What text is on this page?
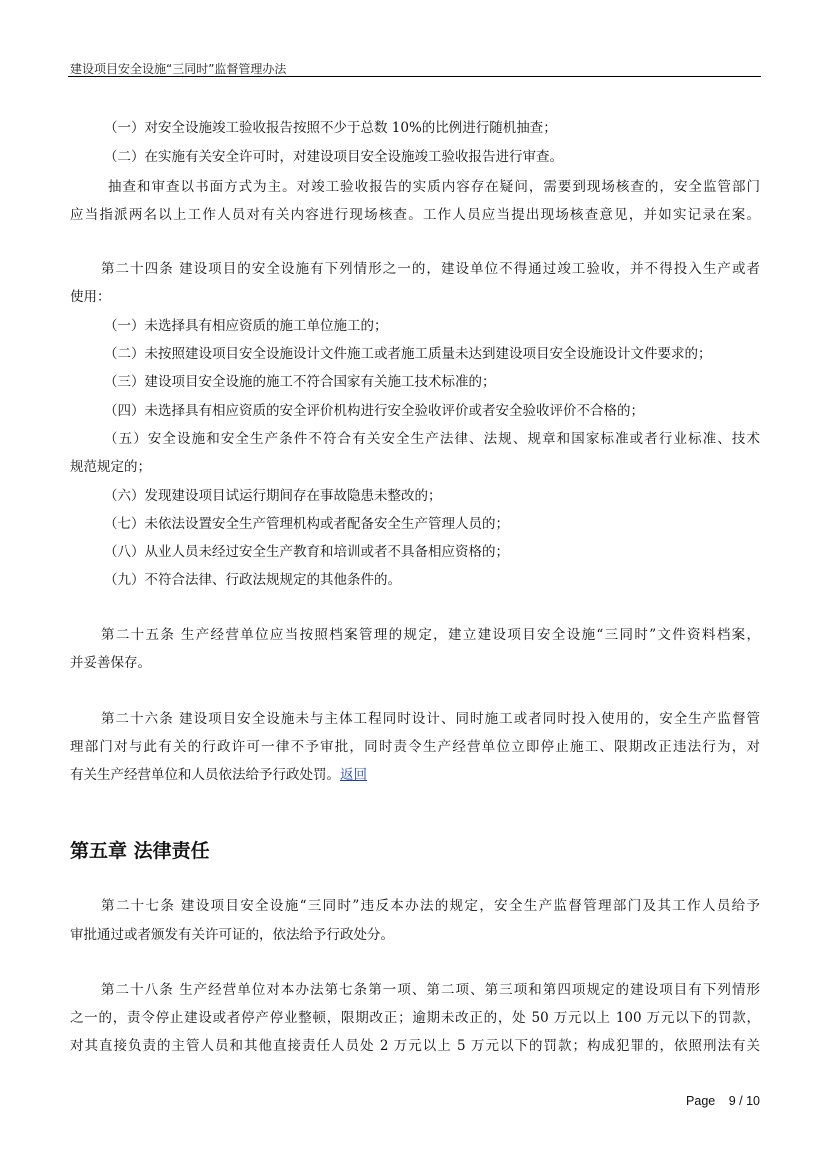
建设项目安全设施“三同时”监督管理办法
（一）对安全设施竣工验收报告按照不少于总数 10%的比例进行随机抽查；
（二）在实施有关安全许可时，对建设项目安全设施竣工验收报告进行审查。
抽查和审查以书面方式为主。对竣工验收报告的实质内容存在疑问，需要到现场核查的，安全监管部门
应当指派两名以上工作人员对有关内容进行现场核查。工作人员应当提出现场核查意见，并如实记录在案。
第二十四条 建设项目的安全设施有下列情形之一的，建设单位不得通过竣工验收，并不得投入生产或者
使用：
（一）未选择具有相应资质的施工单位施工的；
（二）未按照建设项目安全设施设计文件施工或者施工质量未达到建设项目安全设施设计文件要求的；
（三）建设项目安全设施的施工不符合国家有关施工技术标准的；
（四）未选择具有相应资质的安全评价机构进行安全验收评价或者安全验收评价不合格的；
（五）安全设施和安全生产条件不符合有关安全生产法律、法规、规章和国家标准或者行业标准、技术
规范规定的；
（六）发现建设项目试运行期间存在事故隐患未整改的；
（七）未依法设置安全生产管理机构或者配备安全生产管理人员的；
（八）从业人员未经过安全生产教育和培训或者不具备相应资格的；
（九）不符合法律、行政法规规定的其他条件的。
第二十五条 生产经营单位应当按照档案管理的规定，建立建设项目安全设施“三同时”文件资料档案，
并妥善保存。
第二十六条 建设项目安全设施未与主体工程同时设计、同时施工或者同时投入使用的，安全生产监督管
理部门对与此有关的行政许可一律不予审批，同时责令生产经营单位立即停止施工、限期改正违法行为，对
有关生产经营单位和人员依法给予行政处罚。返回
第五章 法律责任
第二十七条 建设项目安全设施“三同时”违反本办法的规定，安全生产监督管理部门及其工作人员给予
审批通过或者颁发有关许可证的，依法给予行政处分。
第二十八条 生产经营单位对本办法第七条第一项、第二项、第三项和第四项规定的建设项目有下列情形
之一的，责令停止建设或者停产停业整顿，限期改正；逾期未改正的，处 50 万元以上 100 万元以下的罚款，
对其直接负责的主管人员和其他直接责任人员处 2 万元以上 5 万元以下的罚款；构成犯罪的，依照刑法有关
Page 9 / 10
